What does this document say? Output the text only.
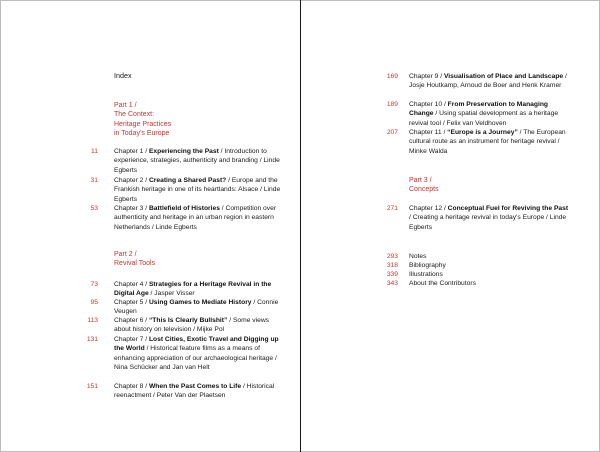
Index
Part 1 /
The Context:
Heritage Practices
in Today’s Europe
11 Chapter 1 / Experiencing the Past / Introduction to experience, strategies, authenticity and branding / Linde Egberts
31 Chapter 2 / Creating a Shared Past? / Europe and the Frankish heritage in one of its heartlands: Alsace / Linde Egberts
53 Chapter 3 / Battlefield of Histories / Competition over authenticity and heritage in an urban region in eastern Netherlands / Linde Egberts
Part 2 /
Revival Tools
73 Chapter 4 / Strategies for a Heritage Revival in the Digital Age / Jasper Visser
95 Chapter 5 / Using Games to Mediate History / Connie Veugen
113 Chapter 6 / “This Is Clearly Bullshit” / Some views about history on television / Mijke Pol
131 Chapter 7 / Lost Cities, Exotic Travel and Digging up the World / Historical feature films as a means of enhancing appreciation of our archaeological heritage / Nina Schücker and Jan van Helt
151 Chapter 8 / When the Past Comes to Life / Historical reenactment / Peter Van der Plaetsen
169 Chapter 9 / Visualisation of Place and Landscape / Josje Houtkamp, Arnoud de Boer and Henk Kramer
189 Chapter 10 / From Preservation to Managing Change / Using spatial development as a heritage revival tool / Felix van Veldhoven
207 Chapter 11 / “Europe is a Journey” / The European cultural route as an instrument for heritage revival / Minke Walda
Part 3 /
Concepts
271 Chapter 12 / Conceptual Fuel for Reviving the Past / Creating a heritage revival in today’s Europe / Linde Egberts
293 Notes
318 Bibliography
339 Illustrations
343 About the Contributors
